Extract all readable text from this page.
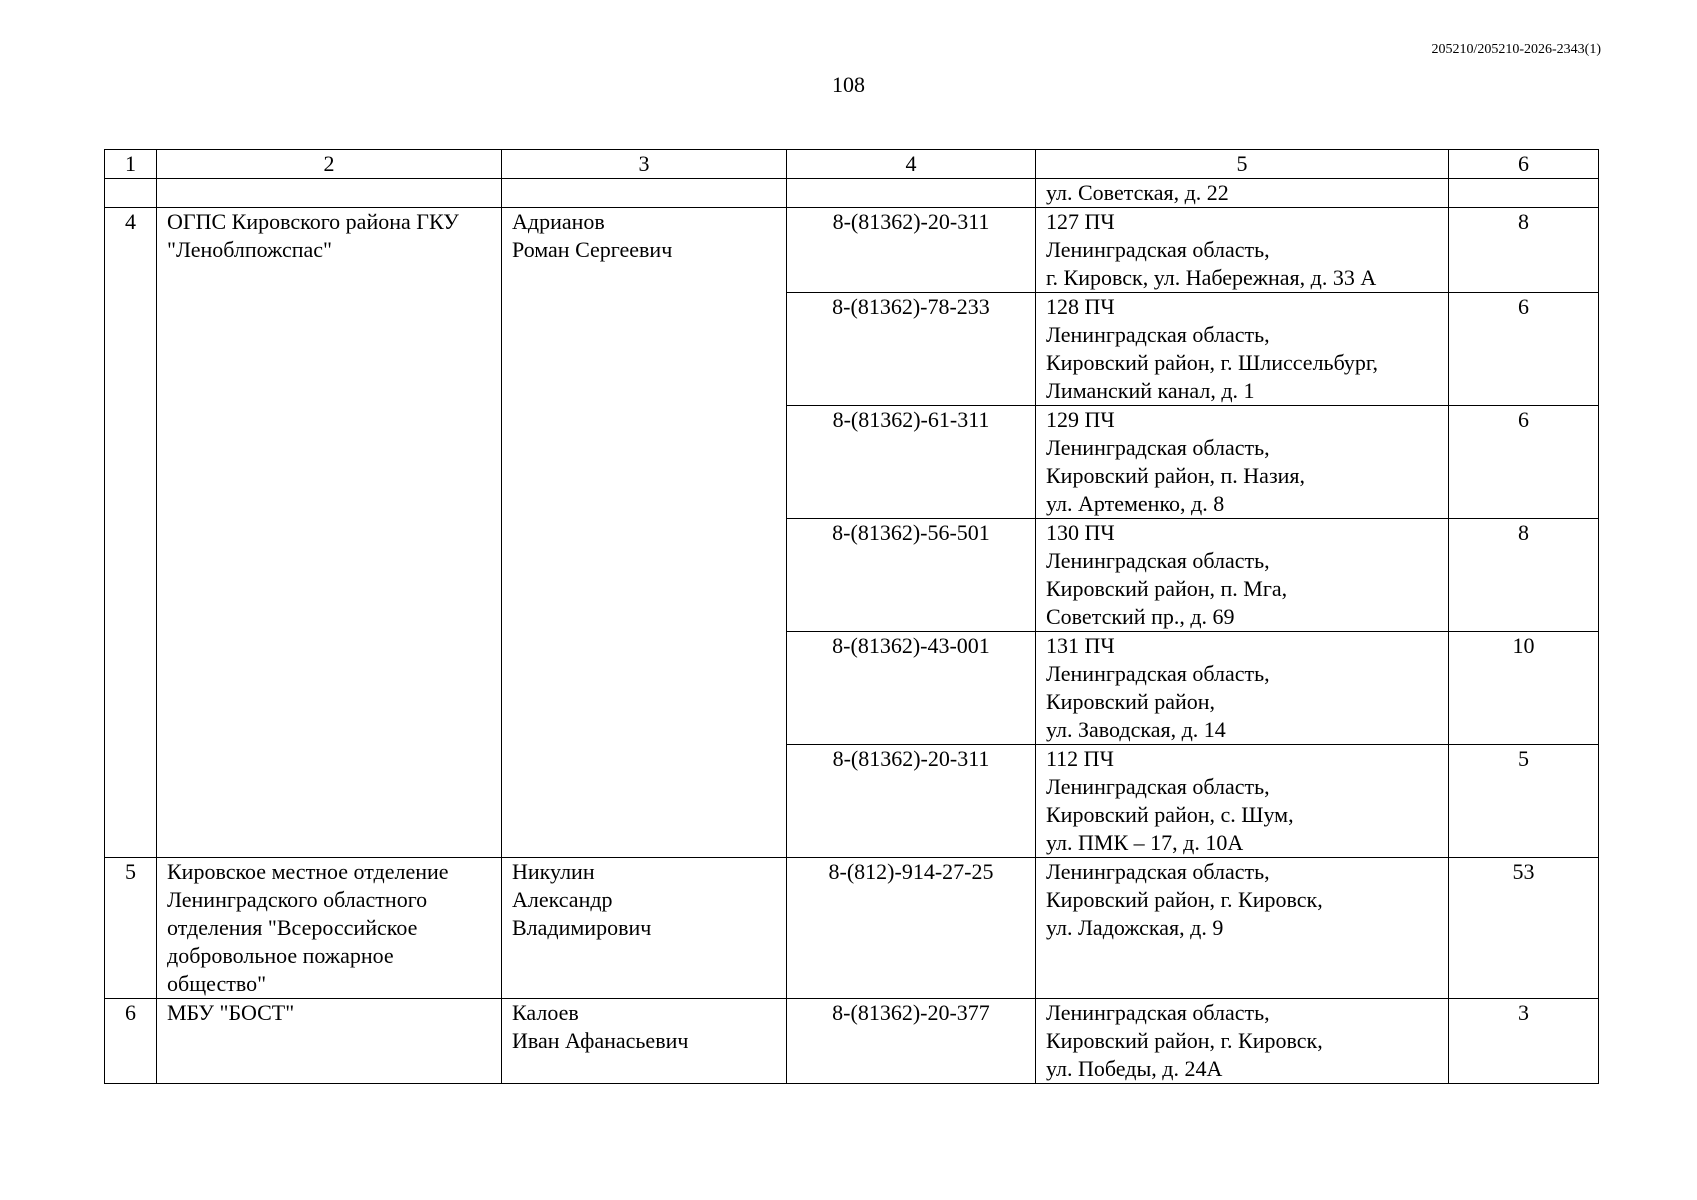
205210/205210-2026-2343(1)
108
1	2	3	4	5	6
				ул. Советская, д. 22	
4	ОГПС Кировского района ГКУ "Леноблпожспас"	Адрианов
Роман Сергеевич	8-(81362)-20-311	127 ПЧ
Ленинградская область,
г. Кировск, ул. Набережная, д. 33 А	8
			8-(81362)-78-233	128 ПЧ
Ленинградская область,
Кировский район, г. Шлиссельбург,
Лиманский канал, д. 1	6
			8-(81362)-61-311	129 ПЧ
Ленинградская область,
Кировский район, п. Назия,
ул. Артеменко, д. 8	6
			8-(81362)-56-501	130 ПЧ
Ленинградская область,
Кировский район, п. Мга,
Советский пр., д. 69	8
			8-(81362)-43-001	131 ПЧ
Ленинградская область,
Кировский район,
ул. Заводская, д. 14	10
			8-(81362)-20-311	112 ПЧ
Ленинградская область,
Кировский район, с. Шум,
ул. ПМК – 17, д. 10А	5
5	Кировское местное отделение Ленинградского областного отделения "Всероссийское добровольное пожарное общество"	Никулин
Александр
Владимирович	8-(812)-914-27-25	Ленинградская область,
Кировский район, г. Кировск,
ул. Ладожская, д. 9	53
6	МБУ "БОСТ"	Калоев
Иван Афанасьевич	8-(81362)-20-377	Ленинградская область,
Кировский район, г. Кировск,
ул. Победы, д. 24А	3
